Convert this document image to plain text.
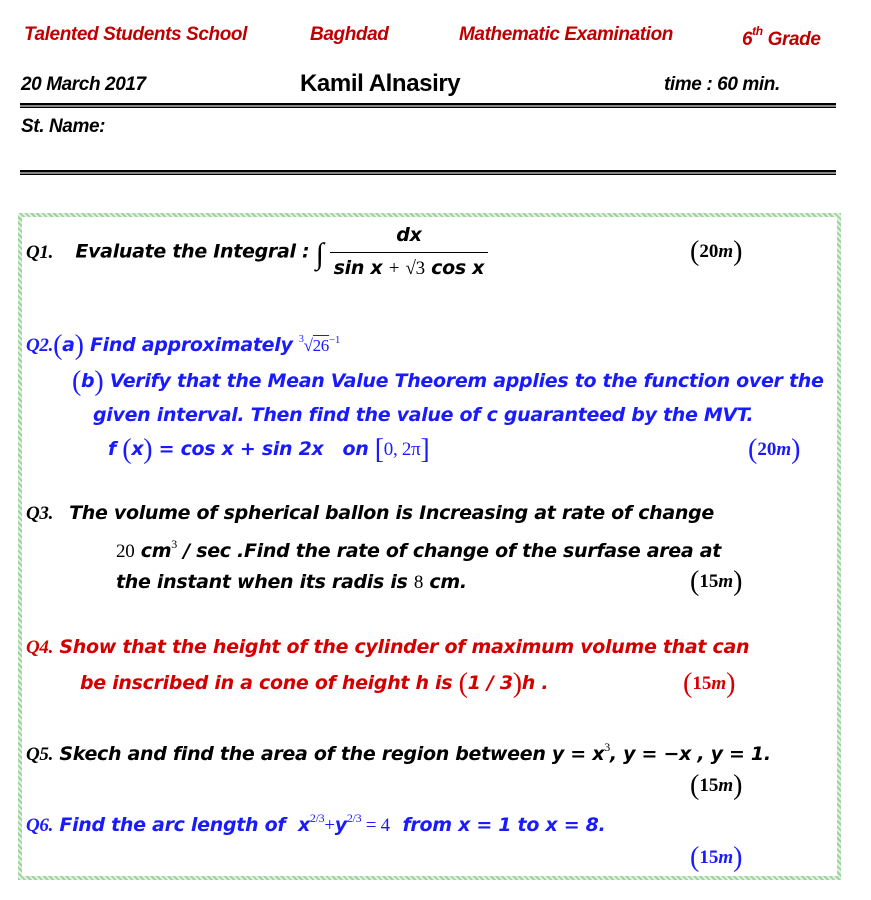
Talented Students School	Baghdad	Mathematic Examination	6th Grade
20 March 2017	Kamil Alnasiry	time : 60 min.
St. Name:
Q1. Evaluate the Integral : ∫ $\frac{dx}{\text{sin x + √3 cos x}}$	(20m)
Q2.(a) Find approximately $^3√26^{-1}$
(b) Verify that the Mean Value Theorem applies to the function over the
given interval. Then find the value of c guaranteed by the MVT.
f (x) = cos x + sin 2x on [0, 2π]	(20m)
Q3. The volume of spherical ballon is Increasing at rate of change
20 $cm^3$ / sec .Find the rate of change of the surfase area at
the instant when its radis is 8 cm.	(15m)
Q4. Show that the height of the cylinder of maximum volume that can
be inscribed in a cone of height h is (1 / 3)h .	(15m)
Q5. Skech and find the area of the region between $y = x^3$, y = −x , y = 1.
(15m)
Q6. Find the arc length of $x^{2/3}+y^{2/3} = 4$ from x = 1 to x = 8.
(15m)
